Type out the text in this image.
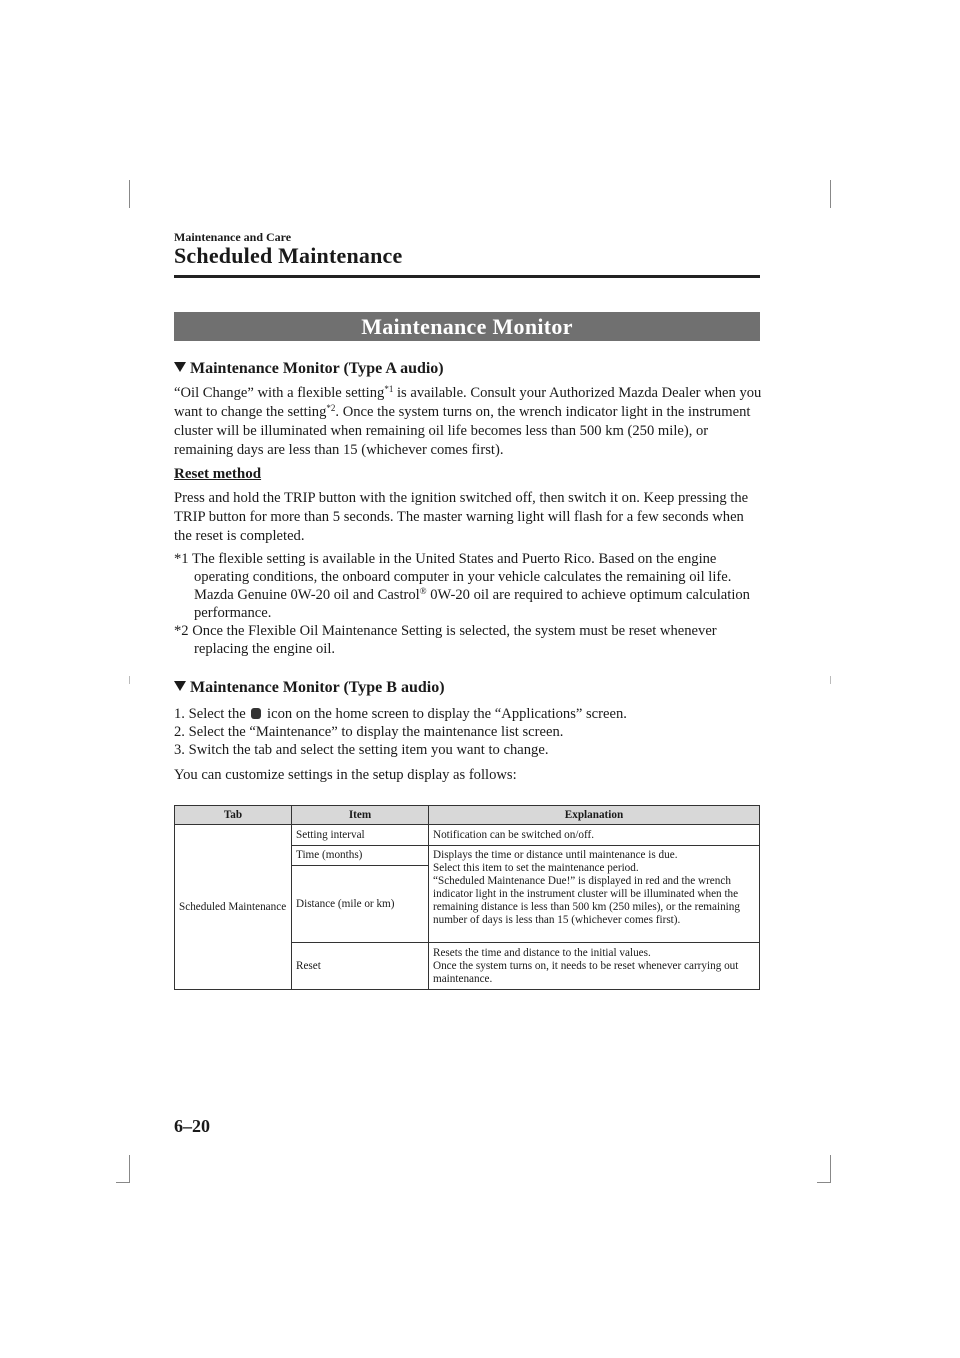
Maintenance and Care
Scheduled Maintenance
Maintenance Monitor
Maintenance Monitor (Type A audio)
“Oil Change” with a flexible setting$^{*1}$ is available. Consult your Authorized Mazda Dealer when you want to change the setting$^{*2}$. Once the system turns on, the wrench indicator light in the instrument cluster will be illuminated when remaining oil life becomes less than 500 km (250 mile), or remaining days are less than 15 (whichever comes first).
Reset method
Press and hold the TRIP button with the ignition switched off, then switch it on. Keep pressing the TRIP button for more than 5 seconds. The master warning light will flash for a few seconds when the reset is completed.
*1 The flexible setting is available in the United States and Puerto Rico. Based on the engine operating conditions, the onboard computer in your vehicle calculates the remaining oil life. Mazda Genuine 0W-20 oil and Castrol® 0W-20 oil are required to achieve optimum calculation performance.
*2 Once the Flexible Oil Maintenance Setting is selected, the system must be reset whenever replacing the engine oil.
Maintenance Monitor (Type B audio)
1. Select the icon on the home screen to display the “Applications” screen.
2. Select the “Maintenance” to display the maintenance list screen.
3. Switch the tab and select the setting item you want to change.
You can customize settings in the setup display as follows:
Tab	Item	Explanation
Scheduled Maintenance	Setting interval	Notification can be switched on/off.
	Time (months)	Displays the time or distance until maintenance is due.
Select this item to set the maintenance period.
“Scheduled Maintenance Due!” is displayed in red and the wrench indicator light in the instrument cluster will be illuminated when the remaining distance is less than 500 km (250 miles), or the remaining number of days is less than 15 (whichever comes first).
	Distance (mile or km)	
	Reset	Resets the time and distance to the initial values.
Once the system turns on, it needs to be reset whenever carrying out maintenance.
6–20
